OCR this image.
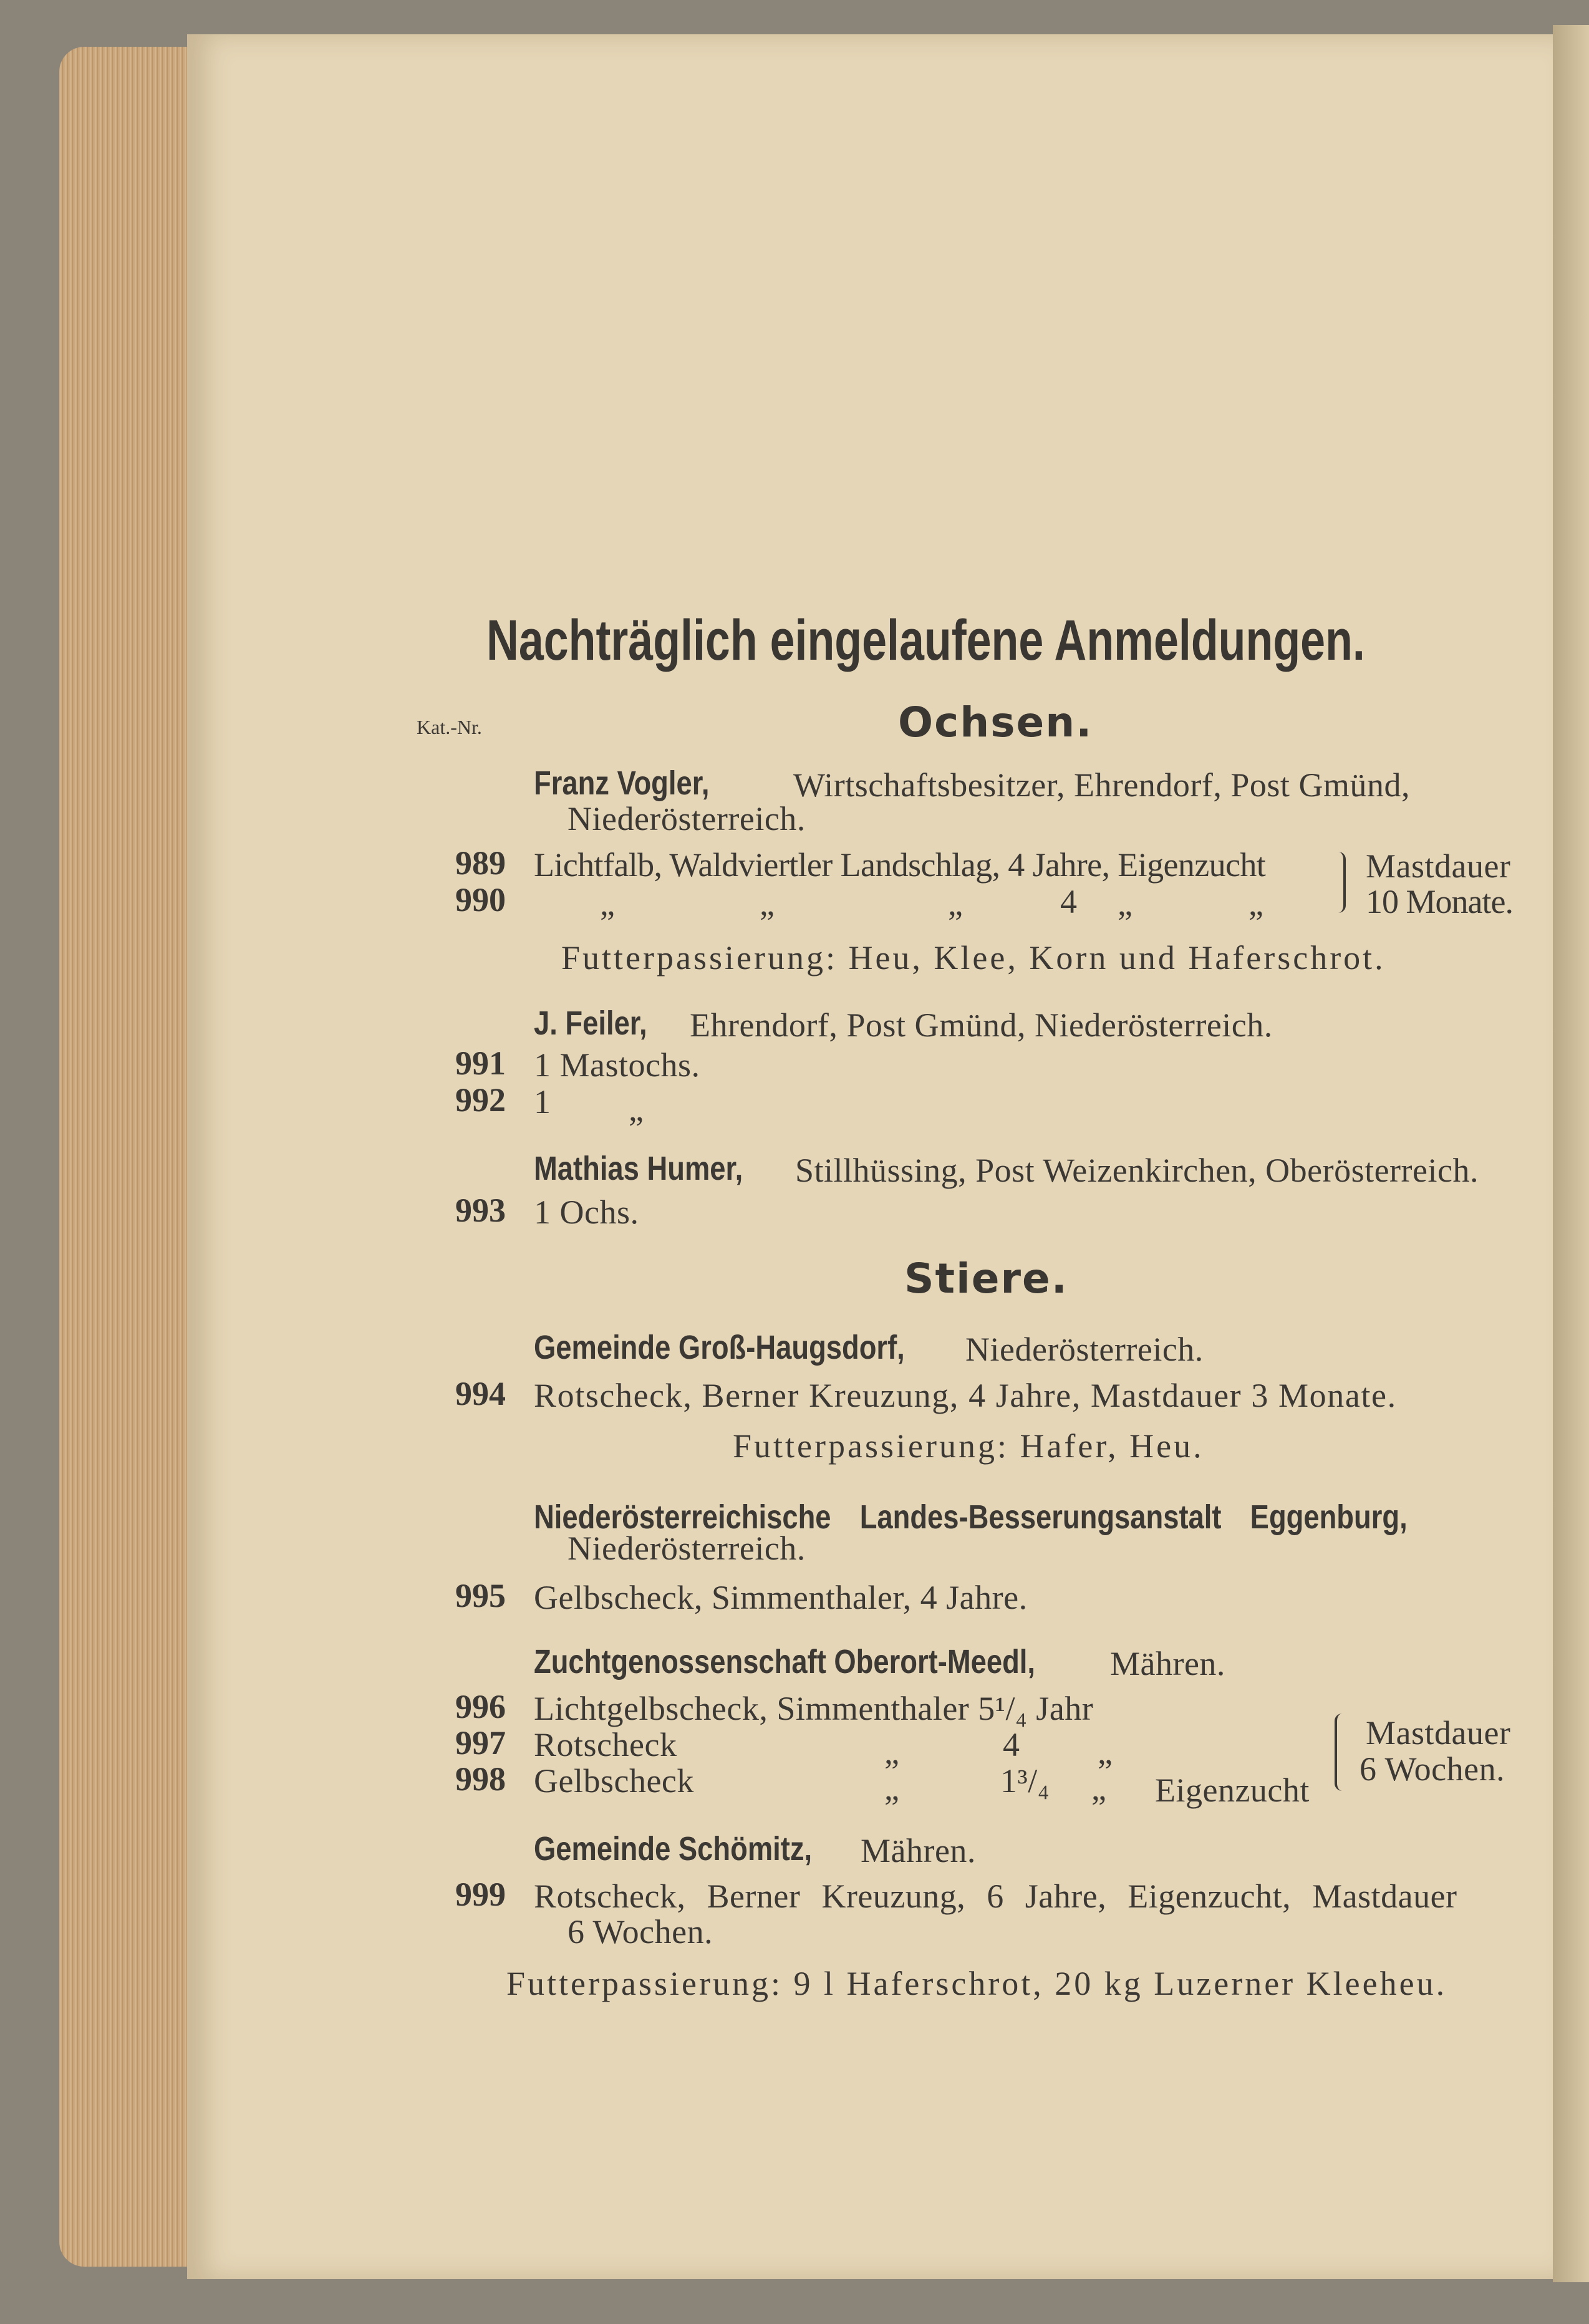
Nachträglich eingelaufene Anmeldungen.
Kat.-Nr.	Ochsen.
Franz Vogler, Wirtschaftsbesitzer, Ehrendorf, Post Gmünd,
Niederösterreich.
989 Lichtfalb, Waldviertler Landschlag, 4 Jahre, Eigenzucht
990	„	„	„	4 „	„
Mastdauer
10 Monate.
Futterpassierung: Heu, Klee, Korn und Haferschrot.
J. Feiler, Ehrendorf, Post Gmünd, Niederösterreich.
991 1 Mastochs.
992 1 „
Mathias Humer, Stillhüssing, Post Weizenkirchen, Oberösterreich.
993 1 Ochs.
Stiere.
Gemeinde Groß-Haugsdorf, Niederösterreich.
994 Rotscheck, Berner Kreuzung, 4 Jahre, Mastdauer 3 Monate.
Futterpassierung: Hafer, Heu.
Niederösterreichische Landes-Besserungsanstalt Eggenburg,
Niederösterreich.
995 Gelbscheck, Simmenthaler, 4 Jahre.
Zuchtgenossenschaft Oberort-Meedl, Mähren.
996 Lichtgelbscheck, Simmenthaler 5¹/₄ Jahr
997 Rotscheck	„	4 „
998 Gelbscheck	„	1³/₄ „ Eigenzucht
Mastdauer
6 Wochen.
Gemeinde Schömitz, Mähren.
999 Rotscheck, Berner Kreuzung, 6 Jahre, Eigenzucht, Mastdauer
6 Wochen.
Futterpassierung: 9 l Haferschrot, 20 kg Luzerner Kleeheu.
